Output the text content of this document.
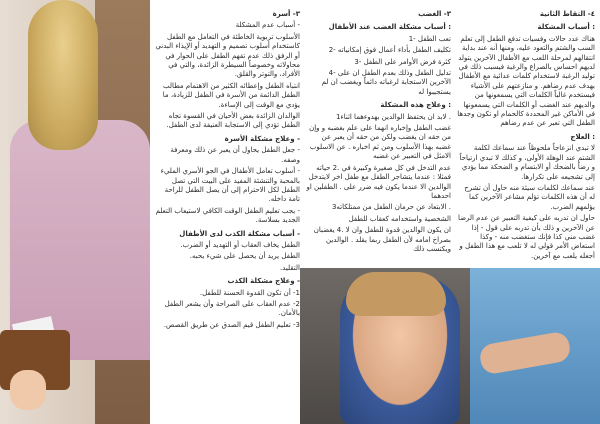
٣- أسرة

- أسباب عدم المشكلة

الأسلوب تربوية الخاطئة في التعامل مع الطفل كاستخدام أسلوب تصميم و التهديد أو الإيذاء البدني أو الرفق ذلك عدم تفهم الطفل على الحوار في محاولاته وخصوصاً السيطرة الزائدة، والتي في الأفراد، والتوتر والقلق.

انتباه الطفل وإعطائه الكثير من الاهتمام مطالب الطفل الدائمة من الأسرة في الطفل للزيادة، ما يؤدي مع الوقت إلى الإساءة.

الوالدان الزائدة بعض الأحيان في القسوة تجاه الطفل تؤدي إلى الاستجابة العنيفة لدى الطفل.

- وعلاج مشكلة الأسرة

- جعل الطفل يحاول أن يعبر عن ذلك ومعرفة وصفه.

- أسلوب تعامل الأطفال في الجو الأسري المليء بالمحبة والتنشئة المفيد على البيت التي تصل الطفل لكل الاحترام إلى أن يصل الطفل للراحة تامة داخله.

- يجب تعليم الطفل الوقت الكافي لاستيعاب التعلم الجديد بسلاسة.

- أسباب مشكلة الكذب لدى الأطفال

الطفل يخاف العقاب أو التهديد أو الضرب.

الطفل يريد أن يحصل على شيء يحبه.

التقليد.

- وعلاج مشكلة الكذب

1- أن تكون القدوة الحسنة للطفل.

2- عدم العقاب على الصراحة وأن يشعر الطفل بالأمان.

3- تعليم الطفل قيم الصدق عن طريق القصص.

٣- الغضب

: أسباب مشكلة الغضب عند الأطفال

تعب الطفل -1

تكليف الطفل بأداء أعمال فوق إمكانياته -2

كثرة فرض الأوامر على الطفل -3

تدليل الطفل وذلك بعدم الطفل ان على -4 الآخرين الاستجابة لرغباته دائماً ويغضب ان لم يستجيبوا له

: وعلاج هذه المشكلة

. لابد ان يحتفظ الوالدين بهدوءهما اثناء1

غضب الطفل وإخباره انهما على علم بغضبه و وإن من حقه ان يغضب ولكن من حقه أن يعبر عن غضبه بهذا الأسلوب ومن ثم اخباره . عن الاسلوب الامثل في التعبير عن غضبه

عدم التدخل في كل صغيرة وكبيرة في .2 حياته فمثلا : عندما يتشاجر الطفل مع طفل اخر لايتدخل الوالدين الا عندما يكون فيه ضرر على . الطفلين او احدهما

. الابتعاد عن حرمان الطفل من ممتلكاته3

الشخصية واستخدامه كعقاب للطفل

ان يكون الوالدين قدوة للطفل وان لا .4 يغضبان بصراخ امامه لأن الطفل ربما يقلد . الوالدين ويكتسب ذلك

٤- التقاط الثانية

: أسباب المشكلة

هناك عدد حالات وفسيات تدفع الطفل إلى تعلم السب والشتم والتعود عليه، ومنها أنه عند بداية انتقالهم لمرحلة اللعب مع الأطفال الآخرين يتولد لديهم احساس بالصراع والرغبة فيسبب ذلك في توليد الرغبة لاستخدام كلمات عدائية مع الأطفال بهدف عدم رضاهم. و منازعتهم على الأشياء فيستخدم غالباً الكلمات التي يسمعونها من والديهم عند الغضب أو الكلمات التي يسمعونها في الأماكن غير المحددة كالحمام او تكون وجدها الطفل التي تعبر عن عدم رضاهم

: العلاج

لا تبدي انزعاجاً ملحوظاً عند سماعك لكلمة الشتم عند الوهلة الأولى، و كذلك لا تبدي ارتياحاً و رضاً بالضحك أو الابتسام و الضحكة مما يؤدي إلى تشجيعه على تكرارها.

عند سماعك لكلمات سيئة منه حاول أن تشرح له أن هذه الكلمات تؤلم مشاعر الآخرين كما يؤلمهم الضرب.

حاول ان تدربه على كيفية التعبير عن عدم الرضا عن الآخرين و ذلك بأن تدربه على قول - إذا غضب مني كذا فإنك ستغضب منه - وكذا استعاض الأمر قولي له لا تلعب مع هذا الطفل و أجعله يلعب مع آخرين.
